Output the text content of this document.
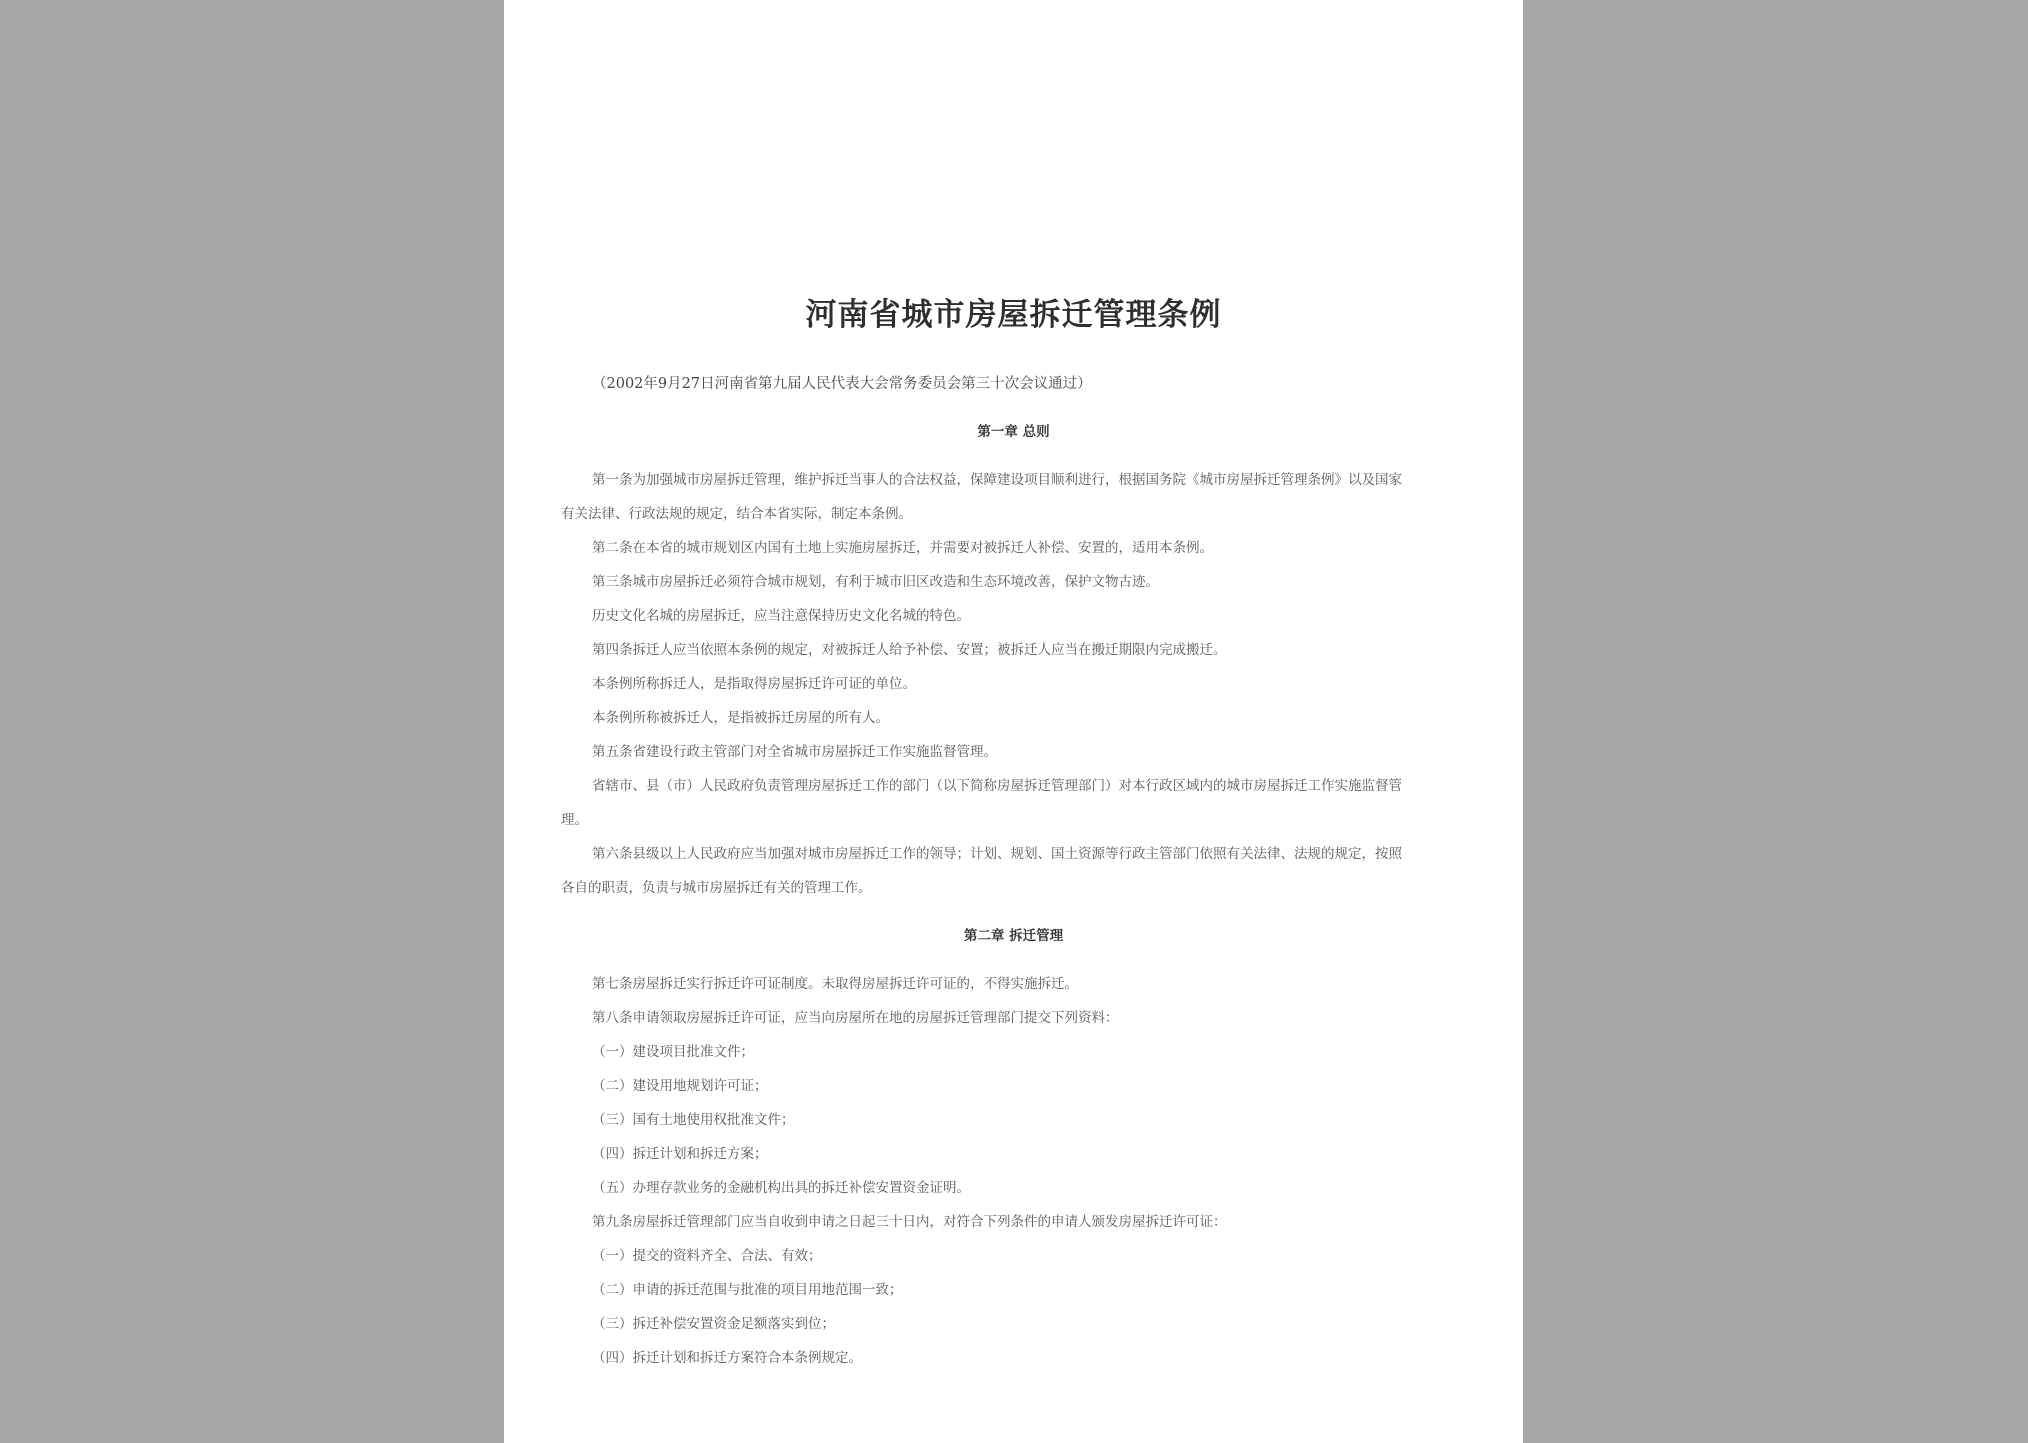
河南省城市房屋拆迁管理条例
（2002年9月27日河南省第九届人民代表大会常务委员会第三十次会议通过）
第一章 总则
第一条为加强城市房屋拆迁管理，维护拆迁当事人的合法权益，保障建设项目顺利进行，根据国务院《城市房屋拆迁管理条例》以及国家
有关法律、行政法规的规定，结合本省实际，制定本条例。
第二条在本省的城市规划区内国有土地上实施房屋拆迁，并需要对被拆迁人补偿、安置的，适用本条例。
第三条城市房屋拆迁必须符合城市规划，有利于城市旧区改造和生态环境改善，保护文物古迹。
历史文化名城的房屋拆迁，应当注意保持历史文化名城的特色。
第四条拆迁人应当依照本条例的规定，对被拆迁人给予补偿、安置；被拆迁人应当在搬迁期限内完成搬迁。
本条例所称拆迁人，是指取得房屋拆迁许可证的单位。
本条例所称被拆迁人，是指被拆迁房屋的所有人。
第五条省建设行政主管部门对全省城市房屋拆迁工作实施监督管理。
省辖市、县（市）人民政府负责管理房屋拆迁工作的部门（以下简称房屋拆迁管理部门）对本行政区域内的城市房屋拆迁工作实施监督管
理。
第六条县级以上人民政府应当加强对城市房屋拆迁工作的领导；计划、规划、国土资源等行政主管部门依照有关法律、法规的规定，按照
各自的职责，负责与城市房屋拆迁有关的管理工作。
第二章 拆迁管理
第七条房屋拆迁实行拆迁许可证制度。未取得房屋拆迁许可证的，不得实施拆迁。
第八条申请领取房屋拆迁许可证，应当向房屋所在地的房屋拆迁管理部门提交下列资料：
（一）建设项目批准文件；
（二）建设用地规划许可证；
（三）国有土地使用权批准文件；
（四）拆迁计划和拆迁方案；
（五）办理存款业务的金融机构出具的拆迁补偿安置资金证明。
第九条房屋拆迁管理部门应当自收到申请之日起三十日内，对符合下列条件的申请人颁发房屋拆迁许可证：
（一）提交的资料齐全、合法、有效；
（二）申请的拆迁范围与批准的项目用地范围一致；
（三）拆迁补偿安置资金足额落实到位；
（四）拆迁计划和拆迁方案符合本条例规定。
